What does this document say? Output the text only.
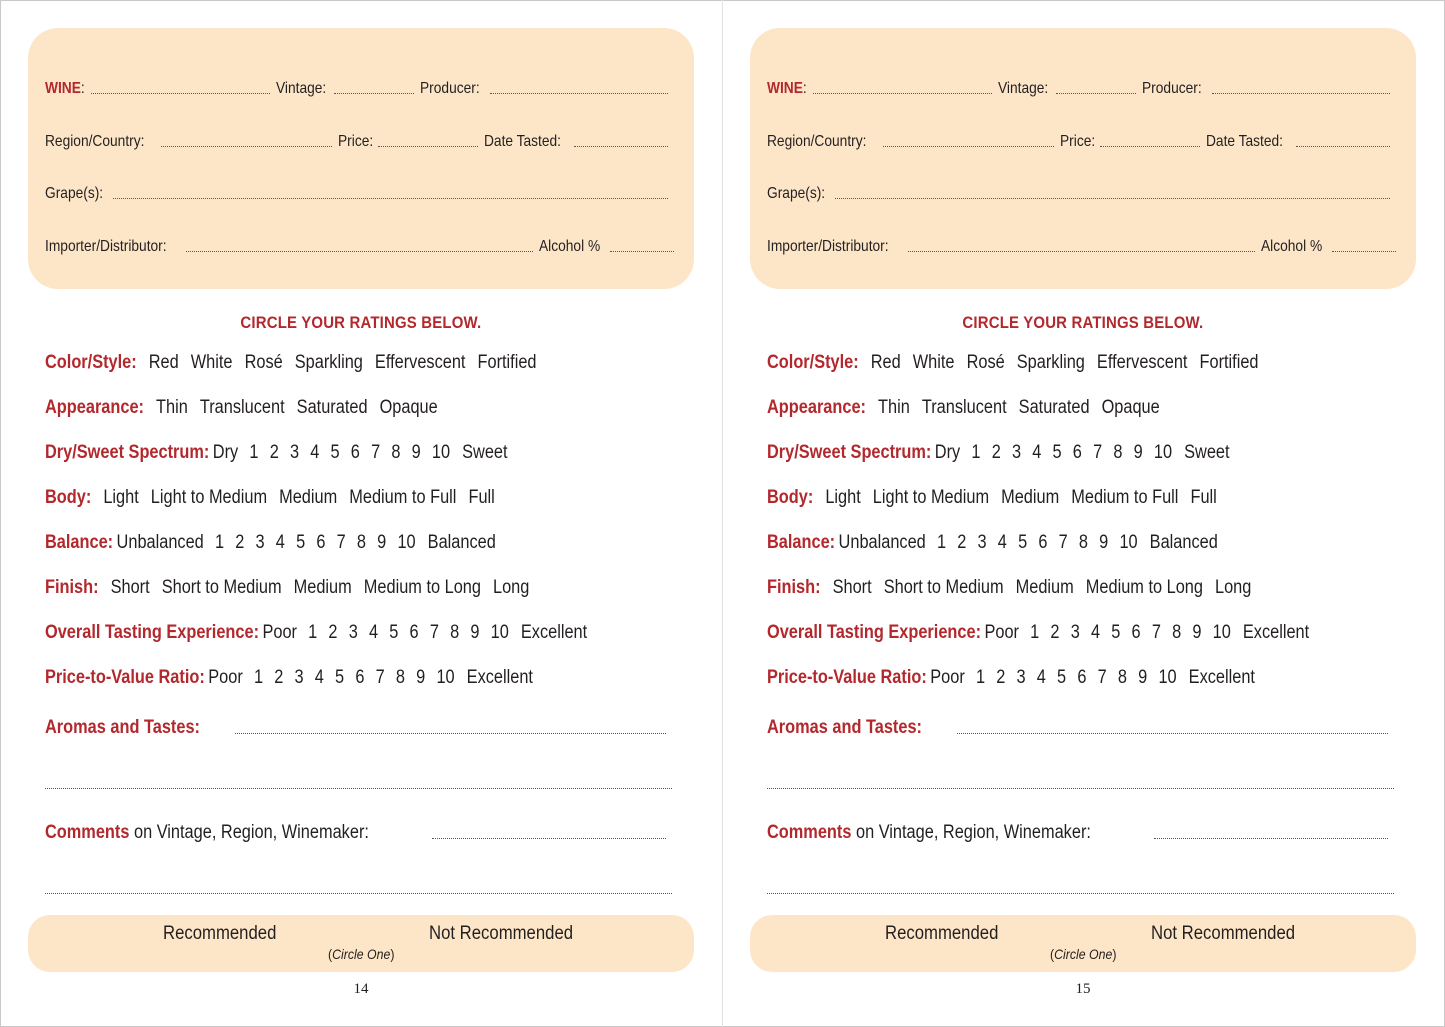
WINE:	Vintage:	Producer:
Region/Country:	Price:	Date Tasted:
Grape(s):
Importer/Distributor:	Alcohol %
CIRCLE YOUR RATINGS BELOW.
Color/Style: Red White Rosé Sparkling Effervescent Fortified
Appearance: Thin Translucent Saturated Opaque
Dry/Sweet Spectrum: Dry 1 2 3 4 5 6 7 8 9 10 Sweet
Body: Light Light to Medium Medium Medium to Full Full
Balance: Unbalanced 1 2 3 4 5 6 7 8 9 10 Balanced
Finish: Short Short to Medium Medium Medium to Long Long
Overall Tasting Experience: Poor 1 2 3 4 5 6 7 8 9 10 Excellent
Price-to-Value Ratio: Poor 1 2 3 4 5 6 7 8 9 10 Excellent
Aromas and Tastes:
Comments on Vintage, Region, Winemaker:
Recommended	Not Recommended
(Circle One)
14
WINE:	Vintage:	Producer:
Region/Country:	Price:	Date Tasted:
Grape(s):
Importer/Distributor:	Alcohol %
CIRCLE YOUR RATINGS BELOW.
Color/Style: Red White Rosé Sparkling Effervescent Fortified
Appearance: Thin Translucent Saturated Opaque
Dry/Sweet Spectrum: Dry 1 2 3 4 5 6 7 8 9 10 Sweet
Body: Light Light to Medium Medium Medium to Full Full
Balance: Unbalanced 1 2 3 4 5 6 7 8 9 10 Balanced
Finish: Short Short to Medium Medium Medium to Long Long
Overall Tasting Experience: Poor 1 2 3 4 5 6 7 8 9 10 Excellent
Price-to-Value Ratio: Poor 1 2 3 4 5 6 7 8 9 10 Excellent
Aromas and Tastes:
Comments on Vintage, Region, Winemaker:
Recommended	Not Recommended
(Circle One)
15
